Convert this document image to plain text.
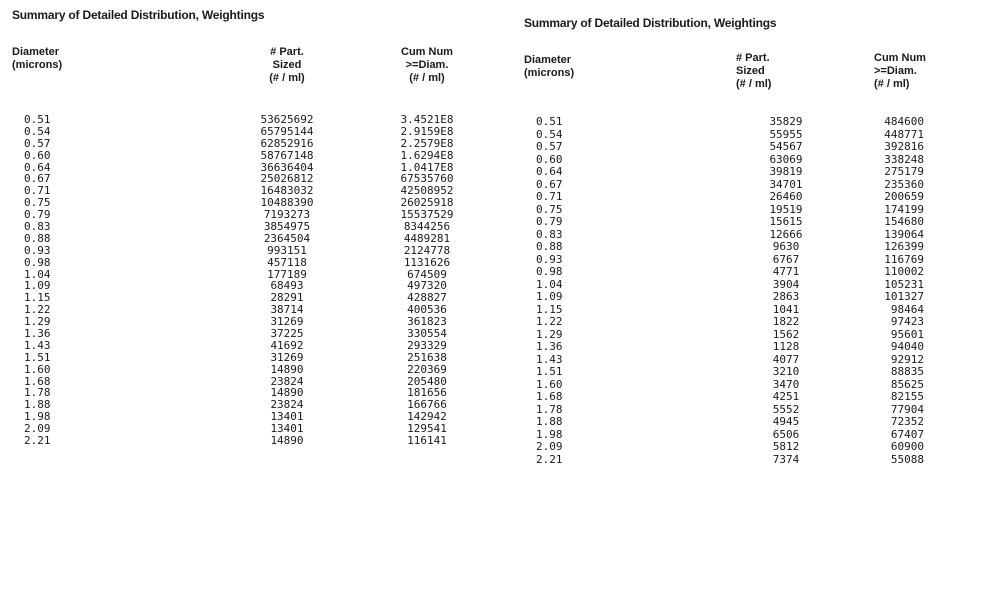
Summary of Detailed Distribution, Weightings
Diameter
(microns)
# Part.
Sized
(# / ml)
Cum Num
>=Diam.
(# / ml)
0.51	53625692	3.4521E8
0.54	65795144	2.9159E8
0.57	62852916	2.2579E8
0.60	58767148	1.6294E8
0.64	36636404	1.0417E8
0.67	25026812	67535760
0.71	16483032	42508952
0.75	10488390	26025918
0.79	7193273	15537529
0.83	3854975	8344256
0.88	2364504	4489281
0.93	993151	2124778
0.98	457118	1131626
1.04	177189	674509
1.09	68493	497320
1.15	28291	428827
1.22	38714	400536
1.29	31269	361823
1.36	37225	330554
1.43	41692	293329
1.51	31269	251638
1.60	14890	220369
1.68	23824	205480
1.78	14890	181656
1.88	23824	166766
1.98	13401	142942
2.09	13401	129541
2.21	14890	116141
Summary of Detailed Distribution, Weightings
Diameter
(microns)
# Part.
Sized
(# / ml)
Cum Num
>=Diam.
(# / ml)
0.51	35829	484600
0.54	55955	448771
0.57	54567	392816
0.60	63069	338248
0.64	39819	275179
0.67	34701	235360
0.71	26460	200659
0.75	19519	174199
0.79	15615	154680
0.83	12666	139064
0.88	9630	126399
0.93	6767	116769
0.98	4771	110002
1.04	3904	105231
1.09	2863	101327
1.15	1041	98464
1.22	1822	97423
1.29	1562	95601
1.36	1128	94040
1.43	4077	92912
1.51	3210	88835
1.60	3470	85625
1.68	4251	82155
1.78	5552	77904
1.88	4945	72352
1.98	6506	67407
2.09	5812	60900
2.21	7374	55088
